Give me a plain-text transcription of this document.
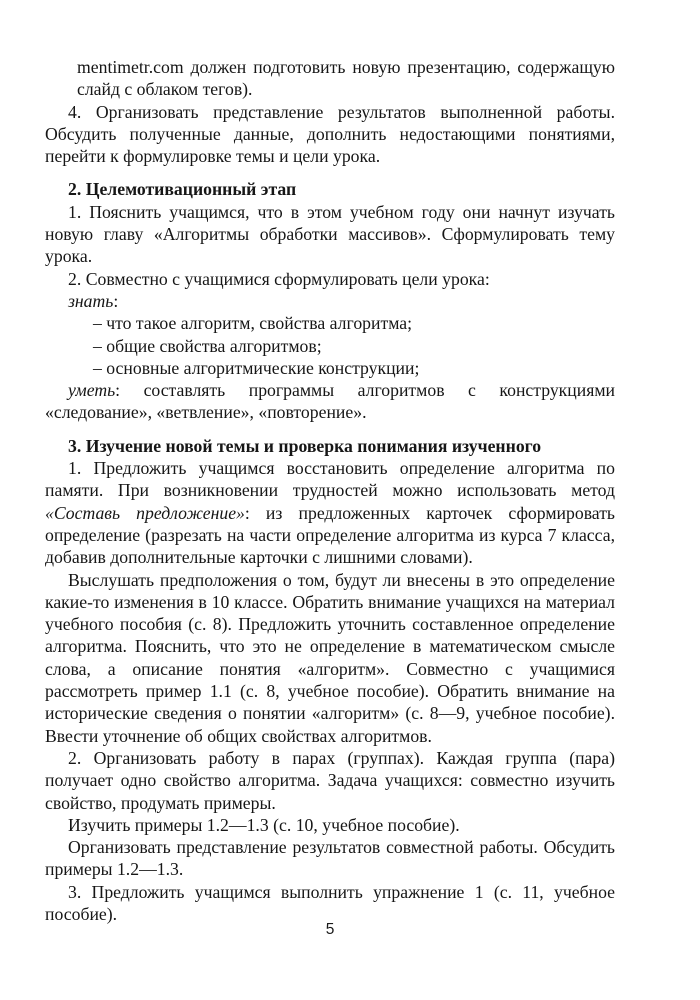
mentimetr.com должен подготовить новую презентацию, содержащую слайд с облаком тегов).

4. Организовать представление результатов выполненной работы. Обсудить полученные данные, дополнить недостающими понятиями, перейти к формулировке темы и цели урока.

2. Целемотивационный этап

1. Пояснить учащимся, что в этом учебном году они начнут изучать новую главу «Алгоритмы обработки массивов». Сформулировать тему урока.

2. Совместно с учащимися сформулировать цели урока:

знать:

– что такое алгоритм, свойства алгоритма;

– общие свойства алгоритмов;

– основные алгоритмические конструкции;

уметь: составлять программы алгоритмов с конструкциями «следование», «ветвление», «повторение».

3. Изучение новой темы и проверка понимания изученного

1. Предложить учащимся восстановить определение алгоритма по памяти. При возникновении трудностей можно использовать метод «Составь предложение»: из предложенных карточек сформировать определение (разрезать на части определение алгоритма из курса 7 класса, добавив дополнительные карточки с лишними словами).

Выслушать предположения о том, будут ли внесены в это определение какие-то изменения в 10 классе. Обратить внимание учащихся на материал учебного пособия (с. 8). Предложить уточнить составленное определение алгоритма. Пояснить, что это не определение в математическом смысле слова, а описание понятия «алгоритм». Совместно с учащимися рассмотреть пример 1.1 (с. 8, учебное пособие). Обратить внимание на исторические сведения о понятии «алгоритм» (с. 8—9, учебное пособие). Ввести уточнение об общих свойствах алгоритмов.

2. Организовать работу в парах (группах). Каждая группа (пара) получает одно свойство алгоритма. Задача учащихся: совместно изучить свойство, продумать примеры.

Изучить примеры 1.2—1.3 (с. 10, учебное пособие).

Организовать представление результатов совместной работы. Обсудить примеры 1.2—1.3.

3. Предложить учащимся выполнить упражнение 1 (с. 11, учебное пособие).

5
